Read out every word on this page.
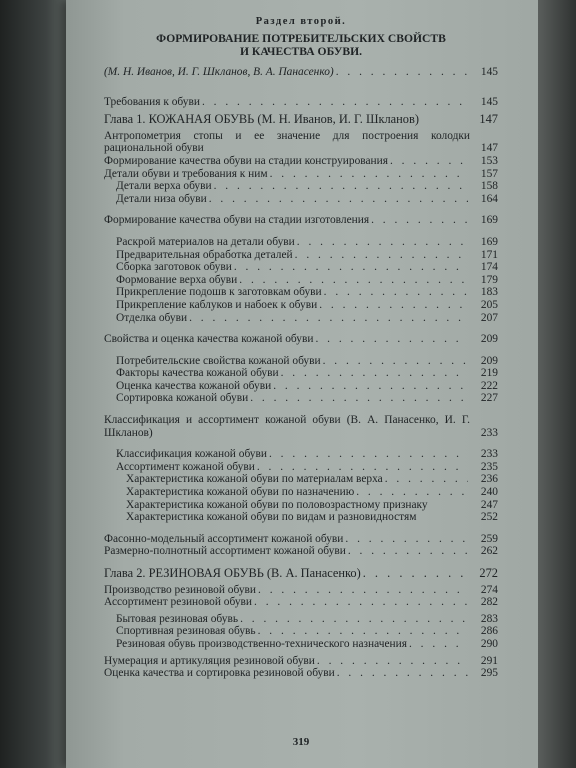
Раздел второй.
ФОРМИРОВАНИЕ ПОТРЕБИТЕЛЬСКИХ СВОЙСТВ
И КАЧЕСТВА ОБУВИ.
(М. Н. Иванов, И. Г. Шкланов, В. А. Панасенко) . . .	145
Требования к обуви . . .	145
Глава 1. КОЖАНАЯ ОБУВЬ (М. Н. Иванов, И. Г. Шкланов)	147
Антропометрия стопы и ее значение для построения колодки рациональной обуви	147
Формирование качества обуви на стадии конструирования . . .	153
Детали обуви и требования к ним . . .	157
Детали верха обуви . . .	158
Детали низа обуви . . .	164
Формирование качества обуви на стадии изготовления . . .	169
Раскрой материалов на детали обуви . . .	169
Предварительная обработка деталей . . .	171
Сборка заготовок обуви . . .	174
Формование верха обуви . . .	179
Прикрепление подошв к заготовкам обуви . . .	183
Прикрепление каблуков и набоек к обуви . . .	205
Отделка обуви . . .	207
Свойства и оценка качества кожаной обуви . . .	209
Потребительские свойства кожаной обуви . . .	209
Факторы качества кожаной обуви . . .	219
Оценка качества кожаной обуви . . .	222
Сортировка кожаной обуви . . .	227
Классификация и ассортимент кожаной обуви (В. А. Панасенко, И. Г. Шкланов)	233
Классификация кожаной обуви . . .	233
Ассортимент кожаной обуви . . .	235
Характеристика кожаной обуви по материалам верха . . .	236
Характеристика кожаной обуви по назначению . . .	240
Характеристика кожаной обуви по половозрастному признаку	247
Характеристика кожаной обуви по видам и разновидностям	252
Фасонно-модельный ассортимент кожаной обуви . . .	259
Размерно-полнотный ассортимент кожаной обуви . . .	262
Глава 2. РЕЗИНОВАЯ ОБУВЬ (В. А. Панасенко) . . .	272
Производство резиновой обуви . . .	274
Ассортимент резиновой обуви . . .	282
Бытовая резиновая обувь . . .	283
Спортивная резиновая обувь . . .	286
Резиновая обувь производственно-технического назначения . . .	290
Нумерация и артикуляция резиновой обуви . . .	291
Оценка качества и сортировка резиновой обуви . . .	295
319
